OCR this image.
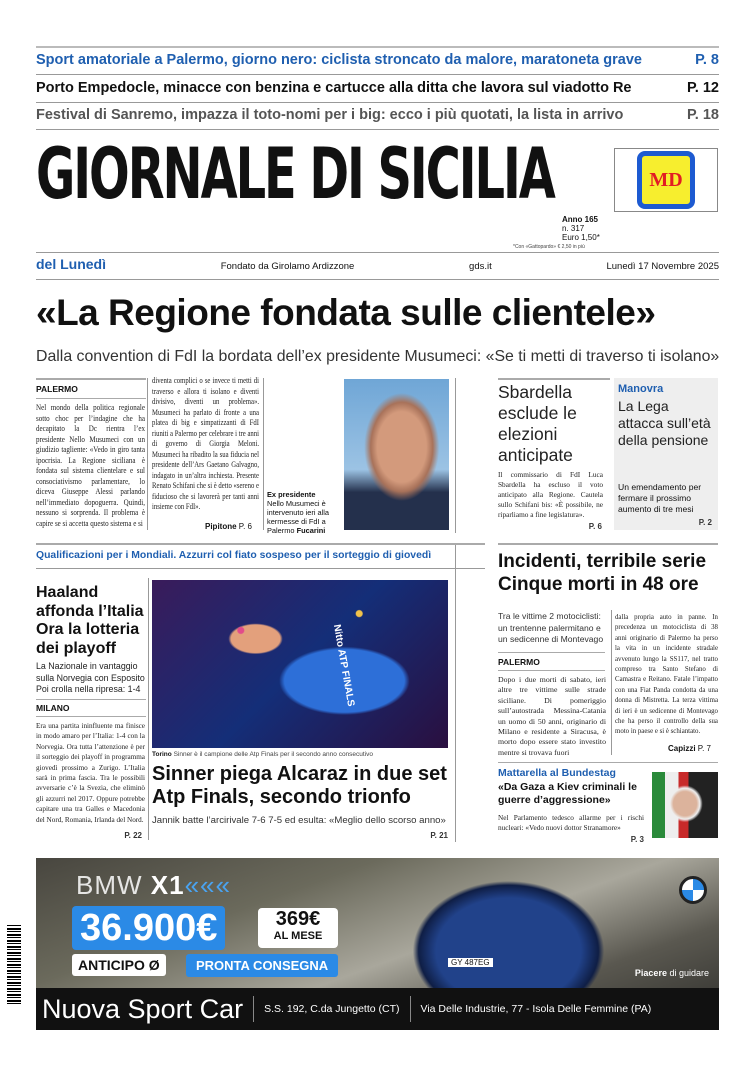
Sport amatoriale a Palermo, giorno nero: ciclista stroncato da malore, maratoneta grave	P. 8
Porto Empedocle, minacce con benzina e cartucce alla ditta che lavora sul viadotto Re	P. 12
Festival di Sanremo, impazza il toto-nomi per i big: ecco i più quotati, la lista in arrivo	P. 18
GIORNALE DI SICILIA
Anno 165
n. 317
Euro 1,50*
*Con «Gattopardo» € 2,50 in più
MD
del Lunedì	Fondato da Girolamo Ardizzone	gds.it	Lunedì 17 Novembre 2025
«La Regione fondata sulle clientele»
Dalla convention di FdI la bordata dell’ex presidente Musumeci: «Se ti metti di traverso ti isolano»
PALERMO
Nel mondo della politica regionale sotto choc per l’indagine che ha decapitato la Dc rientra l’ex presidente Nello Musumeci con un giudizio tagliente: «Vedo in giro tanta ipocrisia. La Regione siciliana è fondata sul sistema clientelare e sul consociativismo parlamentare, lo diceva Giuseppe Alessi parlando nell’immediato dopoguerra. Quindi, nessuno si sorprenda. Il problema è capire se si accetta questo sistema e si
diventa complici o se invece ti metti di traverso e allora ti isolano e diventi divisivo, diventi un problema». Musumeci ha parlato di fronte a una platea di big e simpatizzanti di FdI riuniti a Palermo per celebrare i tre anni di governo di Giorgia Meloni. Musumeci ha ribadito la sua fiducia nel presidente dell’Ars Gaetano Galvagno, indagato in un’altra inchiesta. Presente Renato Schifani che si è detto «sereno e fiducioso che si lavorerà per tanti anni insieme con FdI».
Pipitone P. 6
Ex presidente
Nello Musumeci è intervenuto ieri alla kermesse di FdI a Palermo Fucarini
Sbardella esclude le elezioni anticipate
Il commissario di FdI Luca Sbardella ha escluso il voto anticipato alla Regione. Cautela sullo Schifani bis: «È possibile, ne riparliamo a fine legislatura».
P. 6
Manovra
La Lega attacca sull’età della pensione
Un emendamento per fermare il prossimo aumento di tre mesi
P. 2
Qualificazioni per i Mondiali. Azzurri col fiato sospeso per il sorteggio di giovedì
Haaland affonda l’Italia Ora la lotteria dei playoff
La Nazionale in vantaggio sulla Norvegia con Esposito Poi crolla nella ripresa: 1-4
MILANO
Era una partita ininfluente ma finisce in modo amaro per l’Italia: 1-4 con la Norvegia. Ora tutta l’attenzione è per il sorteggio dei playoff in programma giovedì prossimo a Zurigo. L’Italia sarà in prima fascia. Tra le possibili avversarie c’è la Svezia, che eliminò gli azzurri nel 2017. Oppure potrebbe capitare una tra Galles e Macedonia del Nord, Romania, Irlanda del Nord.
P. 22
Nitto ATP FINALS
Torino Sinner è il campione delle Atp Finals per il secondo anno consecutivo
Sinner piega Alcaraz in due set Atp Finals, secondo trionfo
Jannik batte l’arcirivale 7-6 7-5 ed esulta: «Meglio dello scorso anno»
P. 21
Incidenti, terribile serie Cinque morti in 48 ore
Tra le vittime 2 motociclisti: un trentenne palermitano e un sedicenne di Montevago
PALERMO
Dopo i due morti di sabato, ieri altre tre vittime sulle strade siciliane. Di pomeriggio sull’autostrada Messina-Catania un uomo di 50 anni, originario di Milano e residente a Siracusa, è morto dopo essere stato investito mentre si trovava fuori
dalla propria auto in panne. In precedenza un motociclista di 38 anni originario di Palermo ha perso la vita in un incidente stradale avvenuto lungo la SS117, nel tratto compreso tra Santo Stefano di Camastra e Reitano. Fatale l’impatto con una Fiat Panda condotta da una donna di Mistretta. La terza vittima di ieri è un sedicenne di Montevago che ha perso il controllo della sua moto in paese e si è schiantato.
Capizzi P. 7
Mattarella al Bundestag
«Da Gaza a Kiev criminali le guerre d’aggressione»
Nel Parlamento tedesco allarme per i rischi nucleari: «Vedo nuovi dottor Stranamore»
P. 3
GY 487EG
BMW X1«««
36.900€	369€
AL MESE
ANTICIPO Ø	PRONTA CONSEGNA	Piacere di guidare
Nuova Sport Car S.S. 192, C.da Jungetto (CT) Via Delle Industrie, 77 - Isola Delle Femmine (PA)
